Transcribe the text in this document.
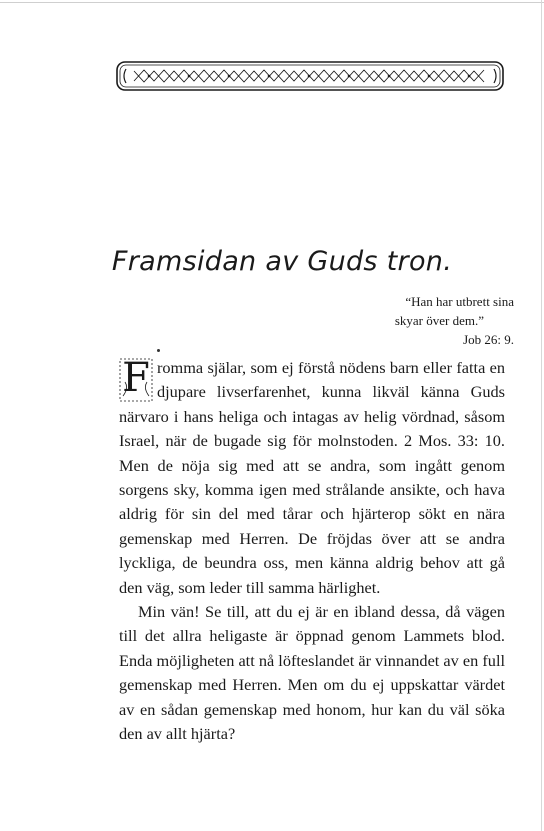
Framsidan av Guds tron.
“Han har utbrett sina
skyar över dem.”
Job 26: 9.

F romma själar, som ej förstå nödens barn eller fatta en djupare livserfarenhet, kunna likväl känna Guds närvaro i hans heliga och intagas av helig vördnad, såsom Israel, när de bugade sig för molnstoden. 2 Mos. 33: 10. Men de nöja sig med att se andra, som ingått genom sorgens sky, komma igen med strålande ansikte, och hava aldrig för sin del med tårar och hjärterop sökt en nära gemenskap med Herren. De fröjdas över att se andra lyckliga, de beundra oss, men känna aldrig behov att gå den väg, som leder till samma härlighet.

Min vän! Se till, att du ej är en ibland dessa, då vägen till det allra heligaste är öppnad genom Lammets blod. Enda möjligheten att nå löfteslandet är vinnandet av en full gemenskap med Herren. Men om du ej uppskattar värdet av en sådan gemenskap med honom, hur kan du väl söka den av allt hjärta?
